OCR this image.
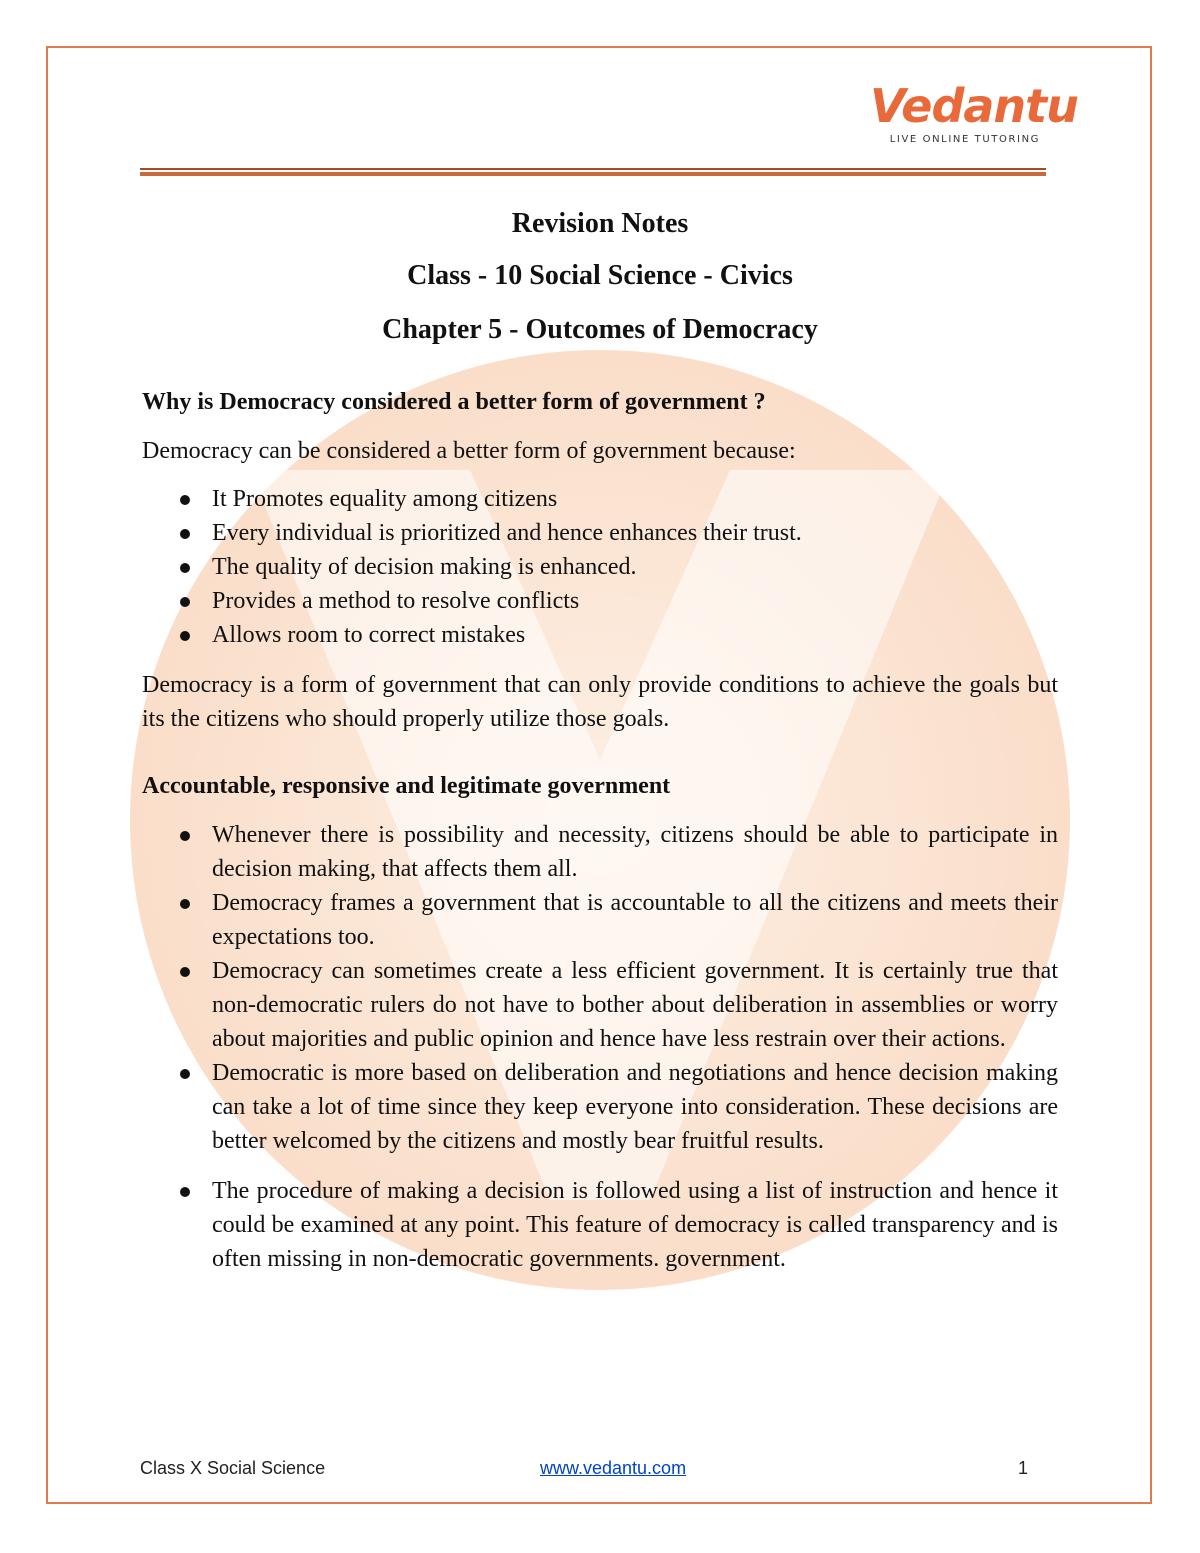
Vedantu
LIVE ONLINE TUTORING
Revision Notes
Class - 10 Social Science - Civics
Chapter 5 - Outcomes of Democracy
Why is Democracy considered a better form of government ?

Democracy can be considered a better form of government because:

It Promotes equality among citizens
Every individual is prioritized and hence enhances their trust.
The quality of decision making is enhanced.
Provides a method to resolve conflicts
Allows room to correct mistakes

Democracy is a form of government that can only provide conditions to achieve the goals but its the citizens who should properly utilize those goals.

Accountable, responsive and legitimate government
Whenever there is possibility and necessity, citizens should be able to participate in decision making, that affects them all.
Democracy frames a government that is accountable to all the citizens and meets their expectations too.
Democracy can sometimes create a less efficient government. It is certainly true that non-democratic rulers do not have to bother about deliberation in assemblies or worry about majorities and public opinion and hence have less restrain over their actions.
Democratic is more based on deliberation and negotiations and hence decision making can take a lot of time since they keep everyone into consideration. These decisions are better welcomed by the citizens and mostly bear fruitful results.
The procedure of making a decision is followed using a list of instruction and hence it could be examined at any point. This feature of democracy is called transparency and is often missing in non-democratic governments. government.
Class X Social Science	www.vedantu.com	1
